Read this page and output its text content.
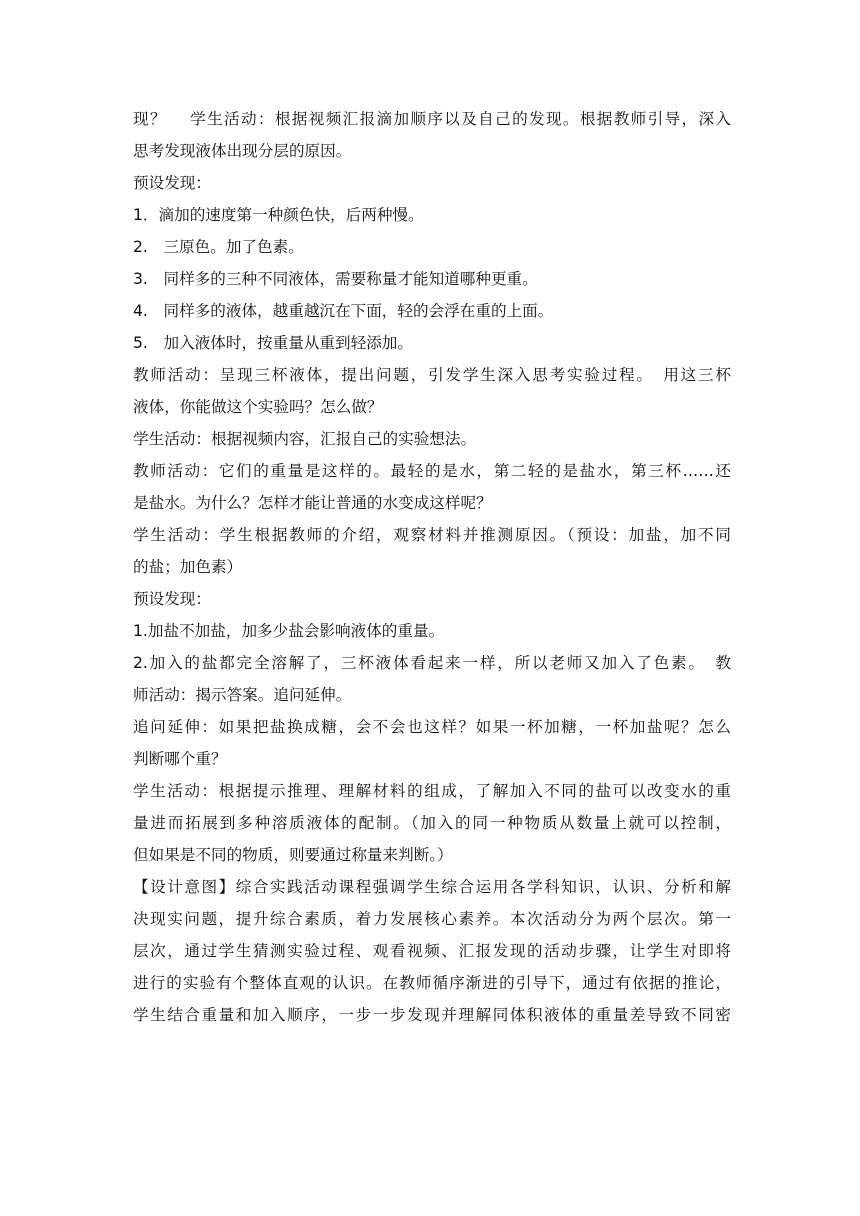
现？　 学生活动：根据视频汇报滴加顺序以及自己的发现。根据教师引导，深入
思考发现液体出现分层的原因。
预设发现：
1．滴加的速度第一种颜色快，后两种慢。
2.　三原色。加了色素。
3.　同样多的三种不同液体，需要称量才能知道哪种更重。
4.　同样多的液体，越重越沉在下面，轻的会浮在重的上面。
5.　加入液体时，按重量从重到轻添加。
教师活动：呈现三杯液体，提出问题，引发学生深入思考实验过程。　用这三杯
液体，你能做这个实验吗？怎么做？
学生活动：根据视频内容，汇报自己的实验想法。
教师活动：它们的重量是这样的。最轻的是水，第二轻的是盐水，第三杯……还
是盐水。为什么？怎样才能让普通的水变成这样呢？
学生活动：学生根据教师的介绍，观察材料并推测原因。（预设：加盐，加不同
的盐；加色素）
预设发现：
1.加盐不加盐，加多少盐会影响液体的重量。
2.加入的盐都完全溶解了，三杯液体看起来一样，所以老师又加入了色素。　教
师活动：揭示答案。追问延伸。
追问延伸：如果把盐换成糖，会不会也这样？如果一杯加糖，一杯加盐呢？怎么
判断哪个重？
学生活动：根据提示推理、理解材料的组成，了解加入不同的盐可以改变水的重
量进而拓展到多种溶质液体的配制。（加入的同一种物质从数量上就可以控制，
但如果是不同的物质，则要通过称量来判断。）
【设计意图】综合实践活动课程强调学生综合运用各学科知识，认识、分析和解
决现实问题，提升综合素质，着力发展核心素养。本次活动分为两个层次。第一
层次，通过学生猜测实验过程、观看视频、汇报发现的活动步骤，让学生对即将
进行的实验有个整体直观的认识。在教师循序渐进的引导下，通过有依据的推论，
学生结合重量和加入顺序，一步一步发现并理解同体积液体的重量差导致不同密
